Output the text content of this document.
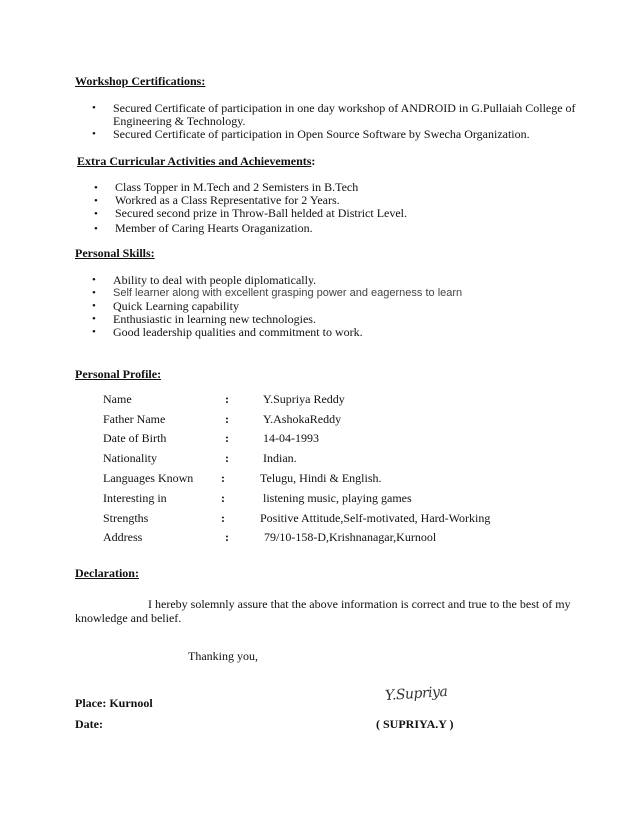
Workshop Certifications:
• Secured Certificate of participation in one day workshop of ANDROID in G.Pullaiah College of
Engineering & Technology.
• Secured Certificate of participation in Open Source Software by Swecha Organization.
Extra Curricular Activities and Achievements:
• Class Topper in M.Tech and 2 Semisters in B.Tech
• Workred as a Class Representative for 2 Years.
• Secured second prize in Throw-Ball helded at District Level.
• Member of Caring Hearts Oraganization.
Personal Skills:
• Ability to deal with people diplomatically.
• Self learner along with excellent grasping power and eagerness to learn
• Quick Learning capability
• Enthusiastic in learning new technologies.
• Good leadership qualities and commitment to work.
Personal Profile:
Name	:	Y.Supriya Reddy
Father Name	:	Y.AshokaReddy
Date of Birth	:	14-04-1993
Nationality	:	Indian.
Languages Known :	Telugu, Hindi & English.
Interesting in	:	listening music, playing games
Strengths	:	Positive Attitude,Self-motivated, Hard-Working
Address	:	79/10-158-D,Krishnanagar,Kurnool
Declaration:
I hereby solemnly assure that the above information is correct and true to the best of my
knowledge and belief.
Thanking you,
Place: Kurnool
Date:
Y.Supriya
( SUPRIYA.Y )
